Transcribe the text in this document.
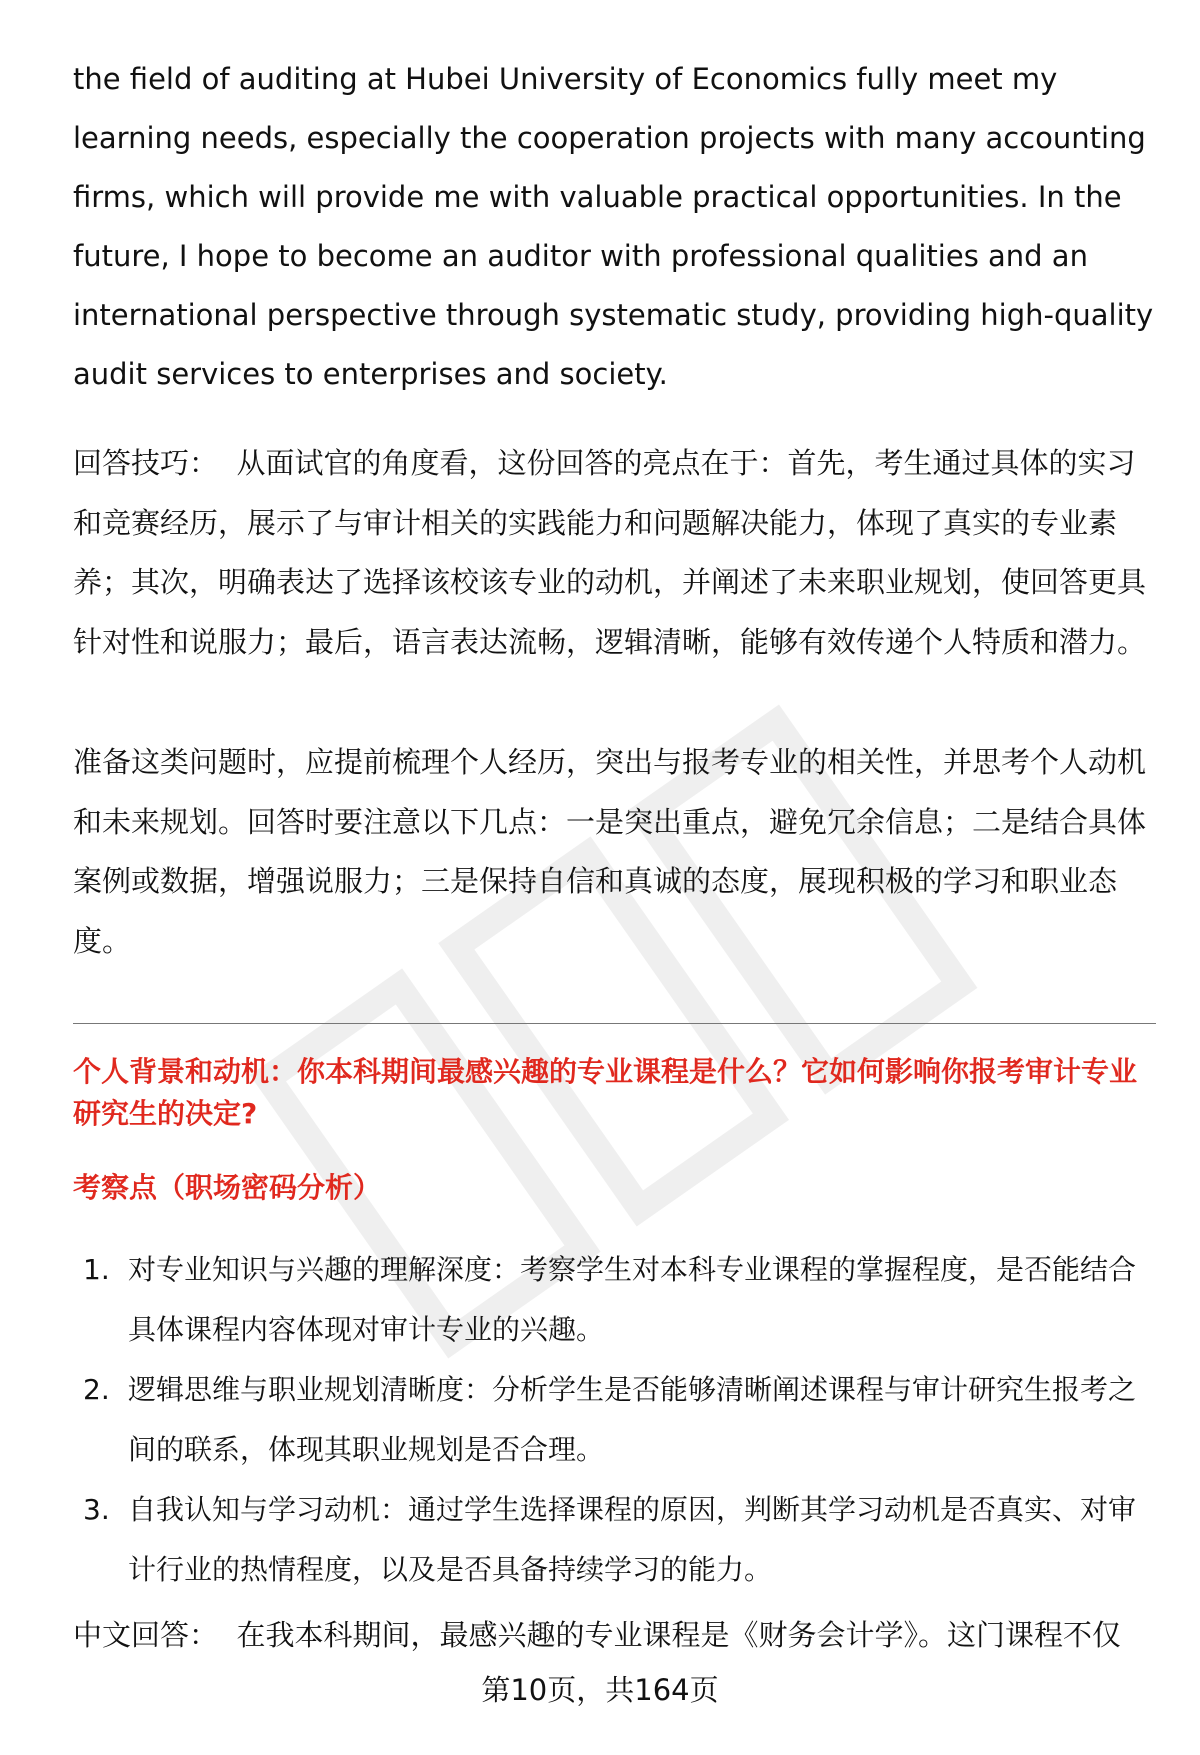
the field of auditing at Hubei University of Economics fully meet my learning needs, especially the cooperation projects with many accounting firms, which will provide me with valuable practical opportunities. In the future, I hope to become an auditor with professional qualities and an international perspective through systematic study, providing high-quality audit services to enterprises and society.

回答技巧： 从面试官的角度看，这份回答的亮点在于：首先，考生通过具体的实习和竞赛经历，展示了与审计相关的实践能力和问题解决能力，体现了真实的专业素养；其次，明确表达了选择该校该专业的动机，并阐述了未来职业规划，使回答更具针对性和说服力；最后，语言表达流畅，逻辑清晰，能够有效传递个人特质和潜力。

准备这类问题时，应提前梳理个人经历，突出与报考专业的相关性，并思考个人动机和未来规划。回答时要注意以下几点：一是突出重点，避免冗余信息；二是结合具体案例或数据，增强说服力；三是保持自信和真诚的态度，展现积极的学习和职业态度。

个人背景和动机：你本科期间最感兴趣的专业课程是什么？它如何影响你报考审计专业研究生的决定?

考察点（职场密码分析）

1. 对专业知识与兴趣的理解深度：考察学生对本科专业课程的掌握程度，是否能结合具体课程内容体现对审计专业的兴趣。
2. 逻辑思维与职业规划清晰度：分析学生是否能够清晰阐述课程与审计研究生报考之间的联系，体现其职业规划是否合理。
3. 自我认知与学习动机：通过学生选择课程的原因，判断其学习动机是否真实、对审计行业的热情程度，以及是否具备持续学习的能力。

中文回答： 在我本科期间，最感兴趣的专业课程是《财务会计学》。这门课程不仅

第10页，共164页
